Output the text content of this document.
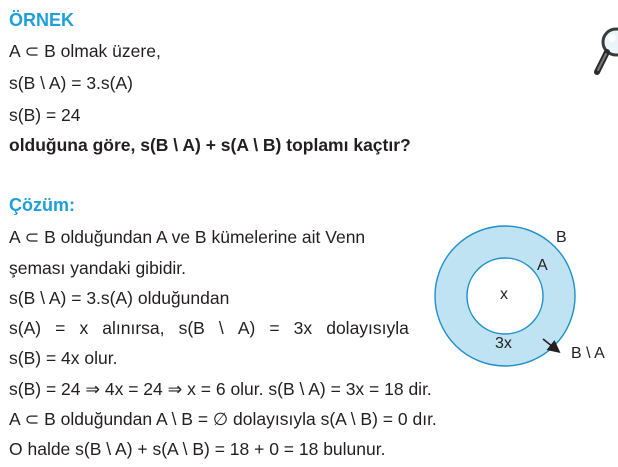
ÖRNEK
A ⊂ B olmak üzere,
s(B \ A) = 3.s(A)
s(B) = 24
olduğuna göre, s(B \ A) + s(A \ B) toplamı kaçtır?
Çözüm:
A ⊂ B olduğundan A ve B kümelerine ait Venn
şeması yandaki gibidir.
s(B \ A) = 3.s(A) olduğundan
s(A) = x alınırsa, s(B \ A) = 3x dolayısıyla
s(B) = 4x olur.
s(B) = 24 ⇒ 4x = 24 ⇒ x = 6 olur. s(B \ A) = 3x = 18 dir.
A ⊂ B olduğundan A \ B = ∅ dolayısıyla s(A \ B) = 0 dır.
O halde s(B \ A) + s(A \ B) = 18 + 0 = 18 bulunur.
B
A
x
3x
B \ A
